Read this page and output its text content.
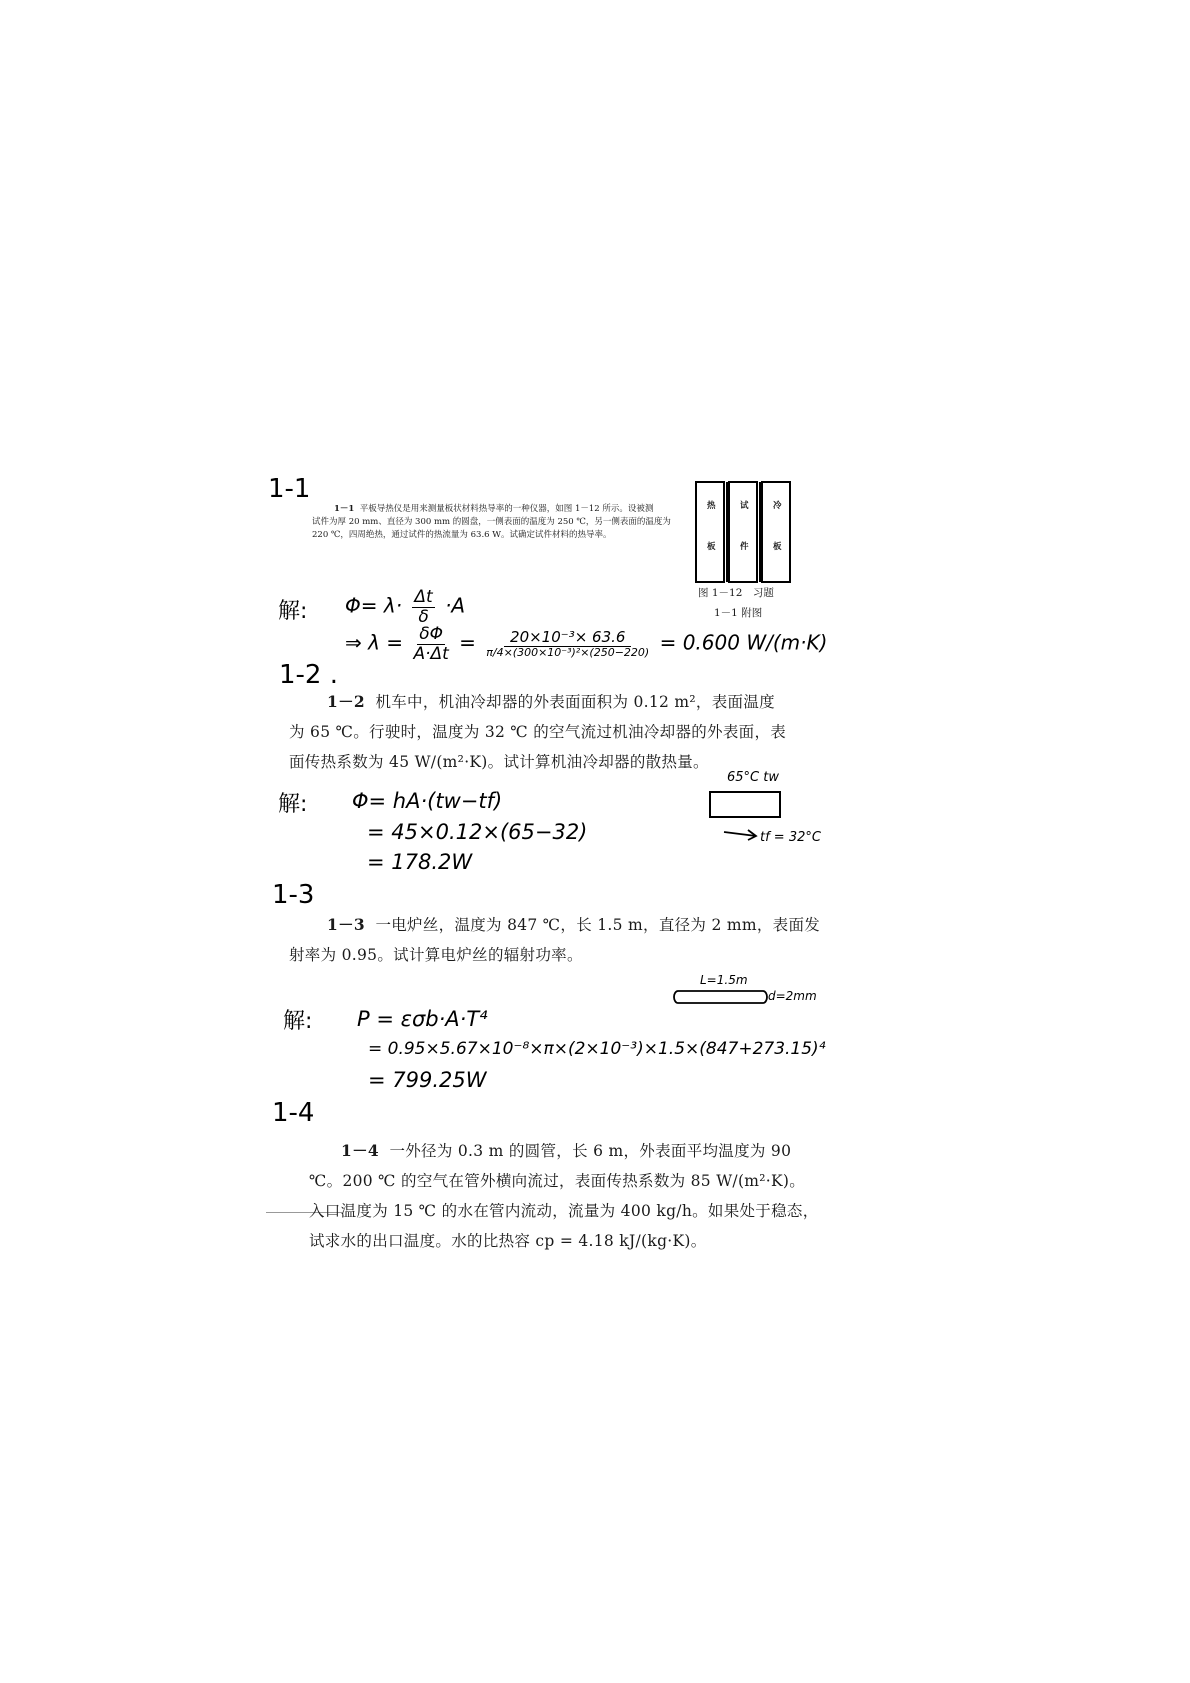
1-1
1－1 平板导热仪是用来测量板状材料热导率的一种仪器，如图 1－12 所示。设被测
试件为厚 20 mm、直径为 300 mm 的圆盘，一侧表面的温度为 250 ℃，另一侧表面的温度为
220 ℃，四周绝热，通过试件的热流量为 63.6 W。试确定试件材料的热导率。
热
板
试
件
冷
板
图 1－12　习题
1－1 附图
解: $\Phi= \lambda\cdot \frac{\Delta t}{\delta} \cdot A$
⇒ $\lambda = \frac{\delta\Phi}{A\cdot\Delta t} = \frac{\text{20×10⁻³× 63.6}}{\text{π/4×(300×10⁻³)²×(250−220)}} = 0.600$ W/(m·K)
1-2 .
1－2 机车中，机油冷却器的外表面面积为 0.12 m²，表面温度
为 65 ℃。行驶时，温度为 32 ℃ 的空气流过机油冷却器的外表面，表
面传热系数为 45 W/(m²·K)。试计算机油冷却器的散热量。
解: Φ= hA·(tw−tf)
= 45×0.12×(65−32)
= 178.2W
65°C tw
tf = 32°C
1-3
1－3 一电炉丝，温度为 847 ℃，长 1.5 m，直径为 2 mm，表面发
射率为 0.95。试计算电炉丝的辐射功率。
L=1.5m
d=2mm
解: P = εσb·A·T⁴
= 0.95×5.67×10⁻⁸×π×(2×10⁻³)×1.5×(847+273.15)⁴
= 799.25W
1-4
1－4 一外径为 0.3 m 的圆管，长 6 m，外表面平均温度为 90
℃。200 ℃ 的空气在管外横向流过，表面传热系数为 85 W/(m²·K)。
入口温度为 15 ℃ 的水在管内流动，流量为 400 kg/h。如果处于稳态，
试求水的出口温度。水的比热容 cp = 4.18 kJ/(kg·K)。
